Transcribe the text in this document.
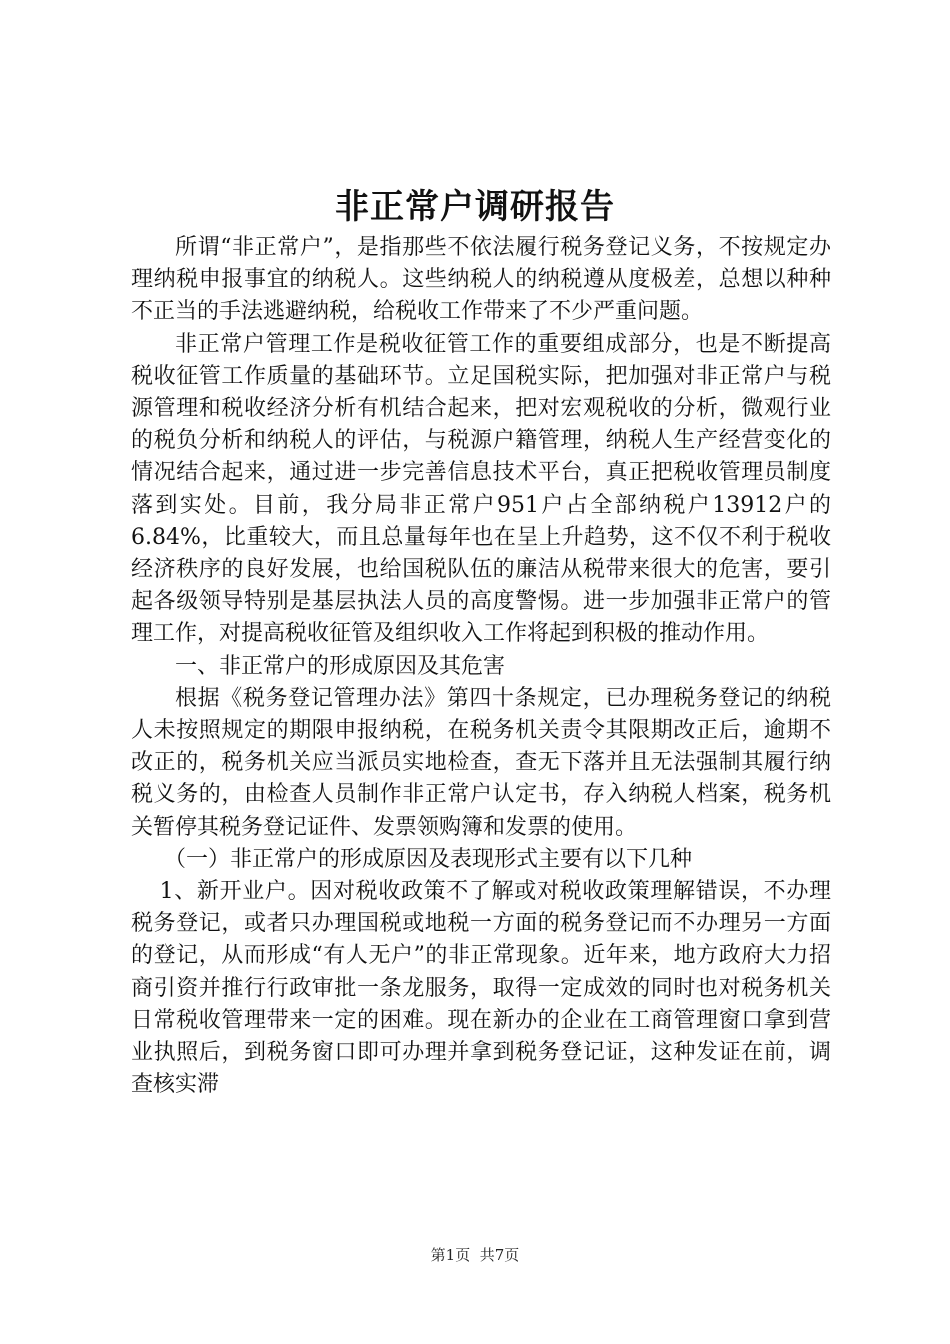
非正常户调研报告

所谓“非正常户”，是指那些不依法履行税务登记义务，不按规定办理纳税申报事宜的纳税人。这些纳税人的纳税遵从度极差，总想以种种不正当的手法逃避纳税，给税收工作带来了不少严重问题。

非正常户管理工作是税收征管工作的重要组成部分，也是不断提高税收征管工作质量的基础环节。立足国税实际，把加强对非正常户与税源管理和税收经济分析有机结合起来，把对宏观税收的分析，微观行业的税负分析和纳税人的评估，与税源户籍管理，纳税人生产经营变化的情况结合起来，通过进一步完善信息技术平台，真正把税收管理员制度落到实处。目前，我分局非正常户951户占全部纳税户13912户的6.84%，比重较大，而且总量每年也在呈上升趋势，这不仅不利于税收经济秩序的良好发展，也给国税队伍的廉洁从税带来很大的危害，要引起各级领导特别是基层执法人员的高度警惕。进一步加强非正常户的管理工作，对提高税收征管及组织收入工作将起到积极的推动作用。

一、非正常户的形成原因及其危害

根据《税务登记管理办法》第四十条规定，已办理税务登记的纳税人未按照规定的期限申报纳税，在税务机关责令其限期改正后，逾期不改正的，税务机关应当派员实地检查，查无下落并且无法强制其履行纳税义务的，由检查人员制作非正常户认定书，存入纳税人档案，税务机关暂停其税务登记证件、发票领购簿和发票的使用。

（一）非正常户的形成原因及表现形式主要有以下几种

1、新开业户。因对税收政策不了解或对税收政策理解错误，不办理税务登记，或者只办理国税或地税一方面的税务登记而不办理另一方面的登记，从而形成“有人无户”的非正常现象。近年来，地方政府大力招商引资并推行行政审批一条龙服务，取得一定成效的同时也对税务机关日常税收管理带来一定的困难。现在新办的企业在工商管理窗口拿到营业执照后，到税务窗口即可办理并拿到税务登记证，这种发证在前，调查核实滞

第1页 共7页
